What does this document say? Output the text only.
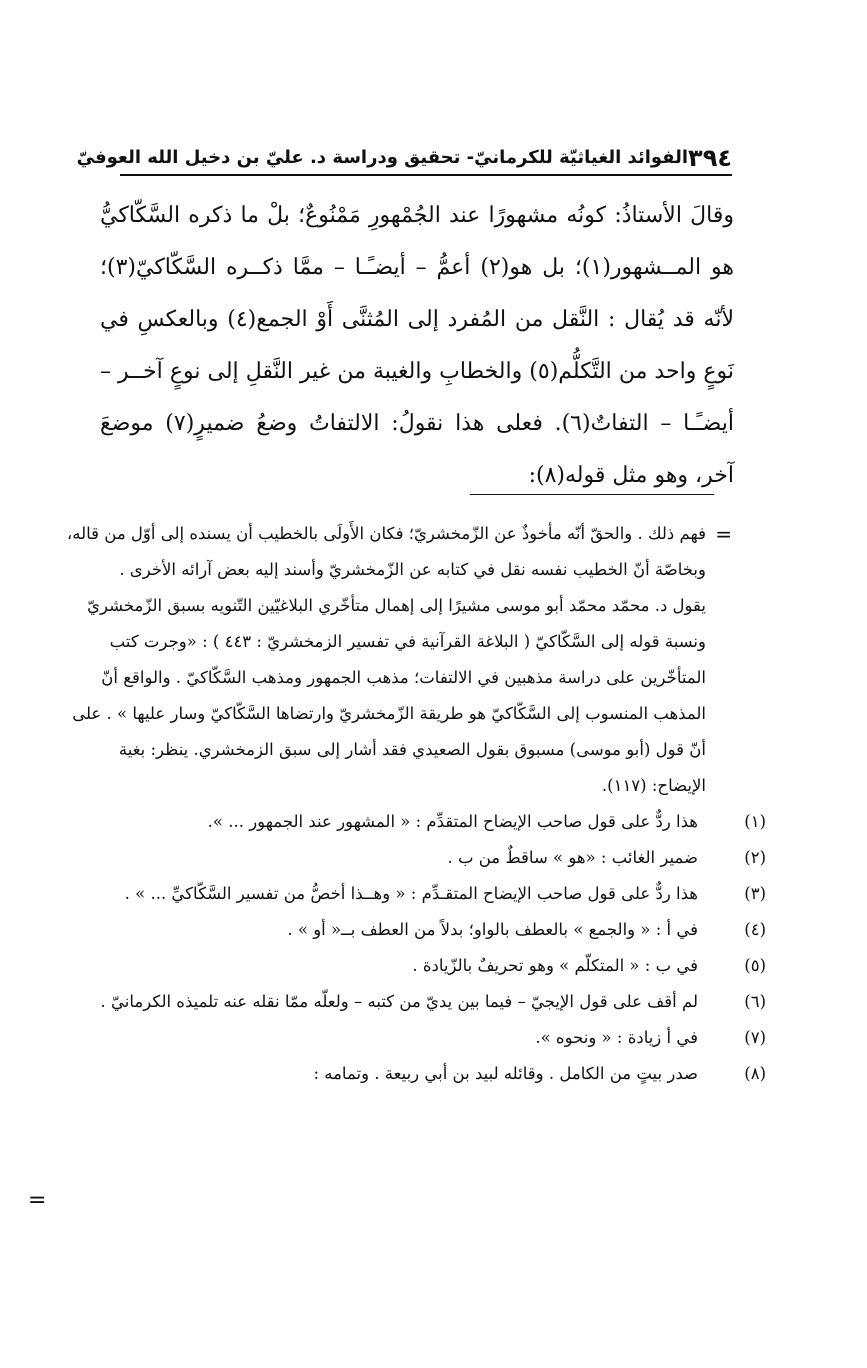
٣٩٤
الفوائد الغياثيّة للكرمانيّ- تحقيق ودراسة د. عليّ بن دخيل الله العوفيّ

وقالَ الأستاذُ: كونُه مشهورًا عند الجُمْهورِ مَمْنُوعٌ؛ بلْ ما ذكره السَّكّاكيُّ هو المــشهور(١)؛ بل هو(٢) أعمُّ – أيضـًـا – ممَّا ذكــره السَّكّاكيّ(٣)؛ لأنّه قد يُقال : النَّقل من المُفرد إلى المُثنَّى أَوْ الجمع(٤) وبالعكسِ في نَوعٍ واحد من التَّكلُّم(٥) والخطابِ والغيبة من غير النَّقلِ إلى نوعٍ آخــر – أيضـًـا – التفاتٌ(٦). فعلى هذا نقولُ: الالتفاتُ وضعُ ضميرٍ(٧) موضعَ آخر، وهو مثل قوله(٨):

=
فهم ذلك . والحقّ أنّه مأخوذٌ عن الزّمخشريّ؛ فكان الأَولَى بالخطيب أن يسنده إلى أوّل من قاله، وبخاصّة أنّ الخطيب نفسه نقل في كتابه عن الزّمخشريّ وأسند إليه بعض آرائه الأخرى .

يقول د. محمّد محمّد أبو موسى مشيرًا إلى إهمال متأخّري البلاغيّين التّنويه بسبق الزّمخشريّ ونسبة قوله إلى السَّكّاكيّ ( البلاغة القرآنية في تفسير الزمخشريّ : ٤٤٣ ) : «وجرت كتب المتأخّرين على دراسة مذهبين في الالتفات؛ مذهب الجمهور ومذهب السَّكّاكيّ . والواقع أنّ المذهب المنسوب إلى السَّكّاكيّ هو طريقة الزّمخشريّ وارتضاها السَّكّاكيّ وسار عليها » . على أنّ قول (أبو موسى) مسبوق بقول الصعيدي فقد أشار إلى سبق الزمخشري. ينظر: بغية الإيضاح: (١١٧).

(١)هذا ردٌّ على قول صاحب الإيضاح المتقدِّم : « المشهور عند الجمهور ... ».

(٢)ضمير الغائب : «هو » ساقطٌ من ب .

(٣)هذا ردٌّ على قول صاحب الإيضاح المتقـدِّم : « وهــذا أخصُّ من تفسير السَّكّاكيِّ ... » .

(٤)في أ : « والجمع » بالعطف بالواو؛ بدلاً من العطف بــ« أو » .

(٥)في ب : « المتكلّم » وهو تحريفٌ بالزّيادة .

(٦)لم أقف على قول الإيجيّ – فيما بين يديّ من كتبه – ولعلّه ممّا نقله عنه تلميذه الكرمانيّ .

(٧)في أ زيادة : « ونحوه ».

(٨)صدر بيتٍ من الكامل . وقائله لبيد بن أبي ربيعة . وتمامه :

=
